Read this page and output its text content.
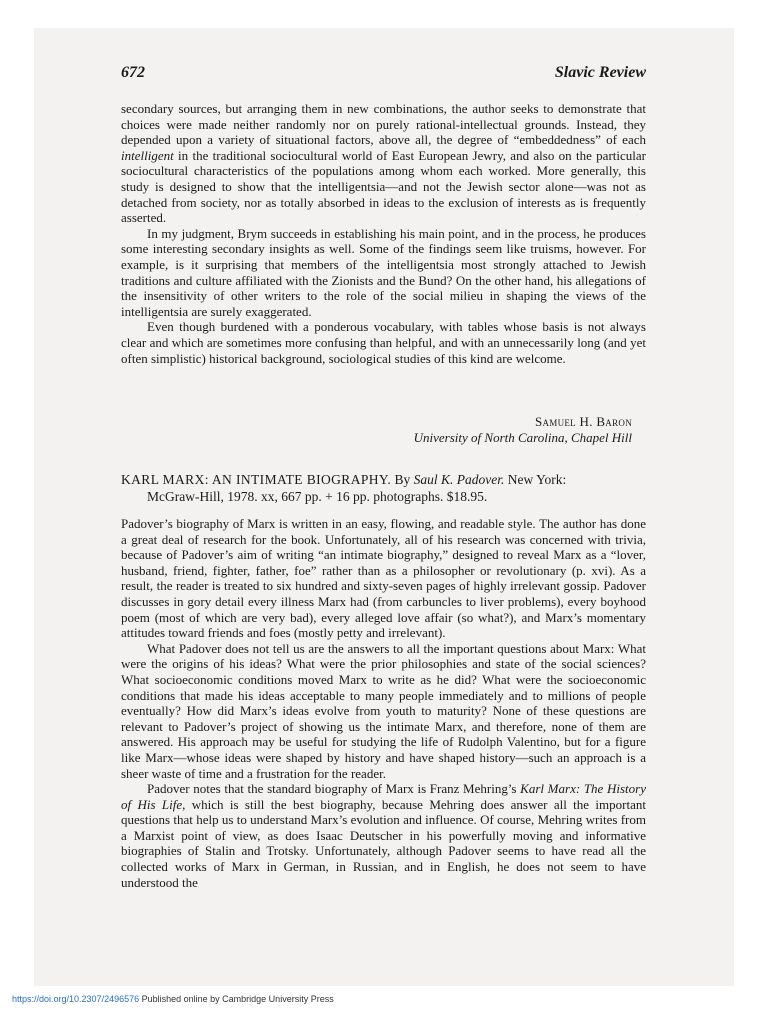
672	Slavic Review

secondary sources, but arranging them in new combinations, the author seeks to demonstrate that choices were made neither randomly nor on purely rational-intellectual grounds. Instead, they depended upon a variety of situational factors, above all, the degree of “embeddedness” of each intelligent in the traditional sociocultural world of East European Jewry, and also on the particular sociocultural characteristics of the populations among whom each worked. More generally, this study is designed to show that the intelligentsia—and not the Jewish sector alone—was not as detached from society, nor as totally absorbed in ideas to the exclusion of interests as is frequently asserted.

In my judgment, Brym succeeds in establishing his main point, and in the process, he produces some interesting secondary insights as well. Some of the findings seem like truisms, however. For example, is it surprising that members of the intelligentsia most strongly attached to Jewish traditions and culture affiliated with the Zionists and the Bund? On the other hand, his allegations of the insensitivity of other writers to the role of the social milieu in shaping the views of the intelligentsia are surely exaggerated.

Even though burdened with a ponderous vocabulary, with tables whose basis is not always clear and which are sometimes more confusing than helpful, and with an unnecessarily long (and yet often simplistic) historical background, sociological studies of this kind are welcome.

Samuel H. Baron
University of North Carolina, Chapel Hill
KARL MARX: AN INTIMATE BIOGRAPHY. By Saul K. Padover. New York:
McGraw-Hill, 1978. xx, 667 pp. + 16 pp. photographs. $18.95.

Padover’s biography of Marx is written in an easy, flowing, and readable style. The author has done a great deal of research for the book. Unfortunately, all of his research was concerned with trivia, because of Padover’s aim of writing “an intimate biography,” designed to reveal Marx as a “lover, husband, friend, fighter, father, foe” rather than as a philosopher or revolutionary (p. xvi). As a result, the reader is treated to six hundred and sixty-seven pages of highly irrelevant gossip. Padover discusses in gory detail every illness Marx had (from carbuncles to liver problems), every boyhood poem (most of which are very bad), every alleged love affair (so what?), and Marx’s momentary attitudes toward friends and foes (mostly petty and irrelevant).

What Padover does not tell us are the answers to all the important questions about Marx: What were the origins of his ideas? What were the prior philosophies and state of the social sciences? What socioeconomic conditions moved Marx to write as he did? What were the socioeconomic conditions that made his ideas acceptable to many people immediately and to millions of people eventually? How did Marx’s ideas evolve from youth to maturity? None of these questions are relevant to Padover’s project of showing us the intimate Marx, and therefore, none of them are answered. His approach may be useful for studying the life of Rudolph Valentino, but for a figure like Marx—whose ideas were shaped by history and have shaped history—such an approach is a sheer waste of time and a frustration for the reader.

Padover notes that the standard biography of Marx is Franz Mehring’s Karl Marx: The History of His Life, which is still the best biography, because Mehring does answer all the important questions that help us to understand Marx’s evolution and influence. Of course, Mehring writes from a Marxist point of view, as does Isaac Deutscher in his powerfully moving and informative biographies of Stalin and Trotsky. Unfortunately, although Padover seems to have read all the collected works of Marx in German, in Russian, and in English, he does not seem to have understood the

https://doi.org/10.2307/2496576 Published online by Cambridge University Press
